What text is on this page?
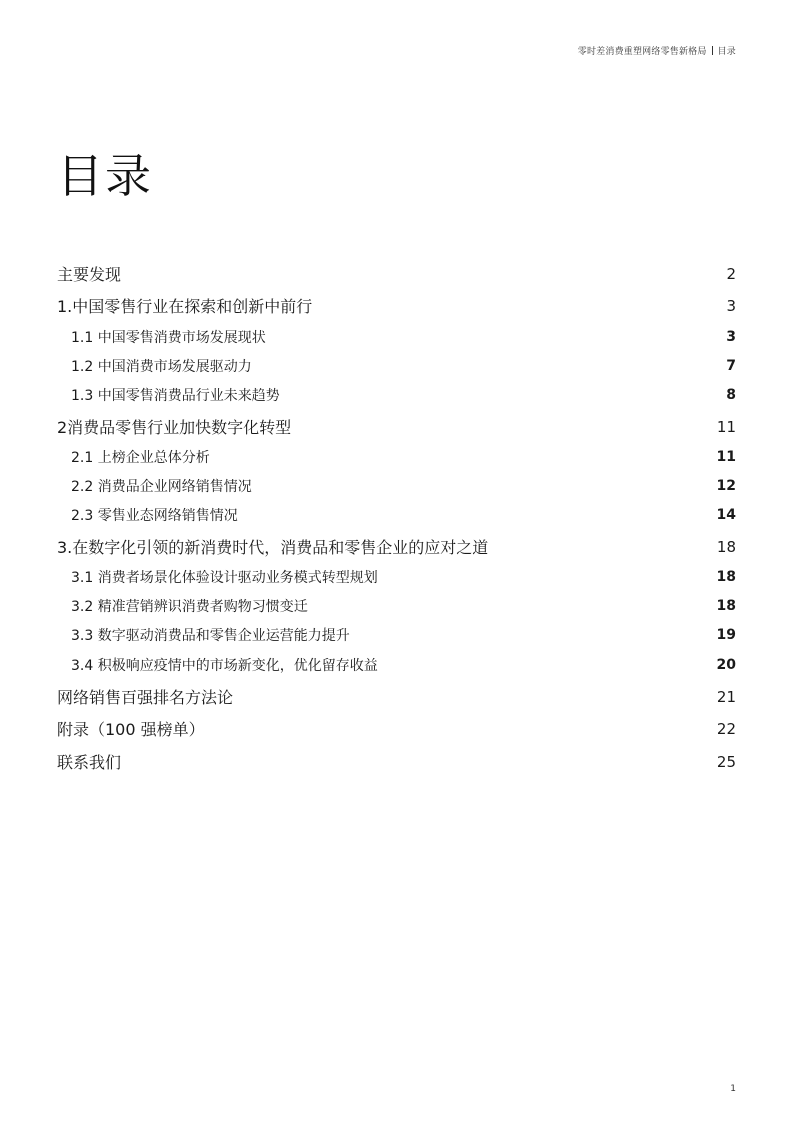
零时差消费重塑网络零售新格局 目录
目录
主要发现	2
1.中国零售行业在探索和创新中前行	3
1.1 中国零售消费市场发展现状	3
1.2 中国消费市场发展驱动力	7
1.3 中国零售消费品行业未来趋势	8
2消费品零售行业加快数字化转型	11
2.1 上榜企业总体分析	11
2.2 消费品企业网络销售情况	12
2.3 零售业态网络销售情况	14
3.在数字化引领的新消费时代，消费品和零售企业的应对之道	18
3.1 消费者场景化体验设计驱动业务模式转型规划	18
3.2 精准营销辨识消费者购物习惯变迁	18
3.3 数字驱动消费品和零售企业运营能力提升	19
3.4 积极响应疫情中的市场新变化，优化留存收益	20
网络销售百强排名方法论	21
附录（100 强榜单）	22
联系我们	25
1
